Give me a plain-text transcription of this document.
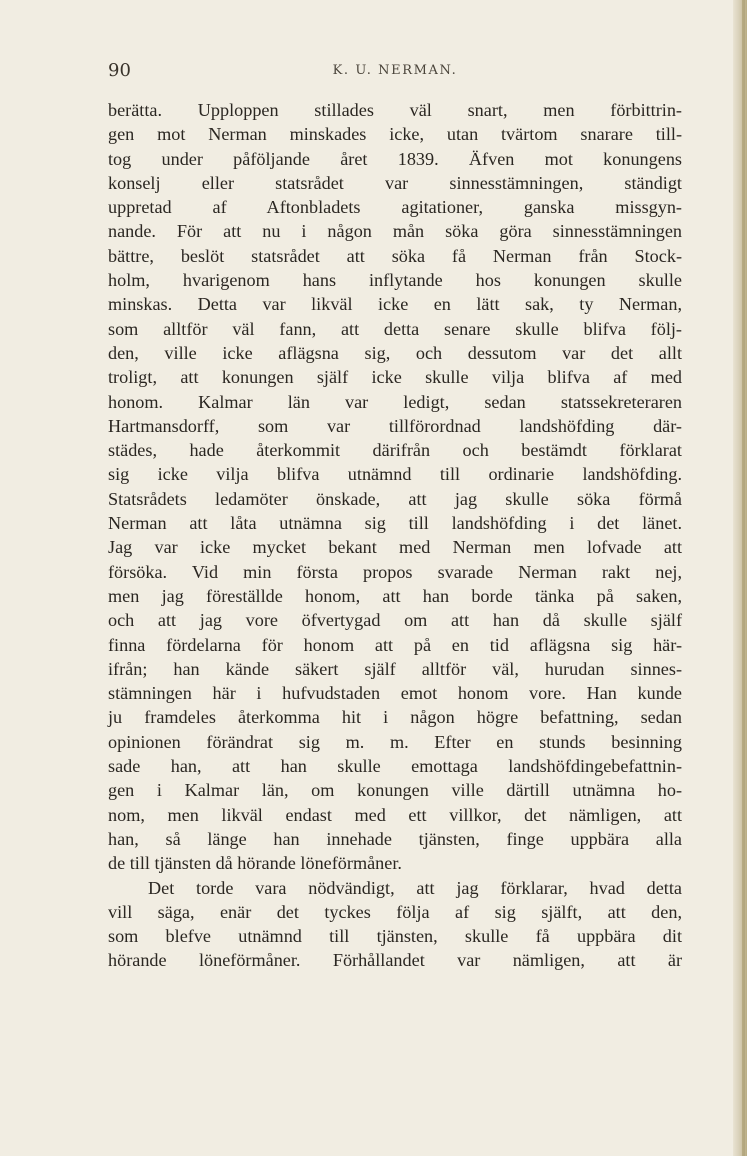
90	K. U. NERMAN.
berätta. Upploppen stillades väl snart, men förbittrin-
gen mot Nerman minskades icke, utan tvärtom snarare till-
tog under påföljande året 1839. Äfven mot konungens
konselj eller statsrådet var sinnesstämningen, ständigt
uppretad af Aftonbladets agitationer, ganska missgyn-
nande. För att nu i någon mån söka göra sinnesstämningen
bättre, beslöt statsrådet att söka få Nerman från Stock-
holm, hvarigenom hans inflytande hos konungen skulle
minskas. Detta var likväl icke en lätt sak, ty Nerman,
som alltför väl fann, att detta senare skulle blifva följ-
den, ville icke aflägsna sig, och dessutom var det allt
troligt, att konungen själf icke skulle vilja blifva af med
honom. Kalmar län var ledigt, sedan statssekreteraren
Hartmansdorff, som var tillförordnad landshöfding där-
städes, hade återkommit därifrån och bestämdt förklarat
sig icke vilja blifva utnämnd till ordinarie landshöfding.
Statsrådets ledamöter önskade, att jag skulle söka förmå
Nerman att låta utnämna sig till landshöfding i det länet.
Jag var icke mycket bekant med Nerman men lofvade att
försöka. Vid min första propos svarade Nerman rakt nej,
men jag föreställde honom, att han borde tänka på saken,
och att jag vore öfvertygad om att han då skulle själf
finna fördelarna för honom att på en tid aflägsna sig här-
ifrån; han kände säkert själf alltför väl, hurudan sinnes-
stämningen här i hufvudstaden emot honom vore. Han kunde
ju framdeles återkomma hit i någon högre befattning, sedan
opinionen förändrat sig m. m. Efter en stunds besinning
sade han, att han skulle emottaga landshöfdingebefattnin-
gen i Kalmar län, om konungen ville därtill utnämna ho-
nom, men likväl endast med ett villkor, det nämligen, att
han, så länge han innehade tjänsten, finge uppbära alla
de till tjänsten då hörande löneförmåner.
Det torde vara nödvändigt, att jag förklarar, hvad detta
vill säga, enär det tyckes följa af sig själft, att den,
som blefve utnämnd till tjänsten, skulle få uppbära dit
hörande löneförmåner. Förhållandet var nämligen, att är
